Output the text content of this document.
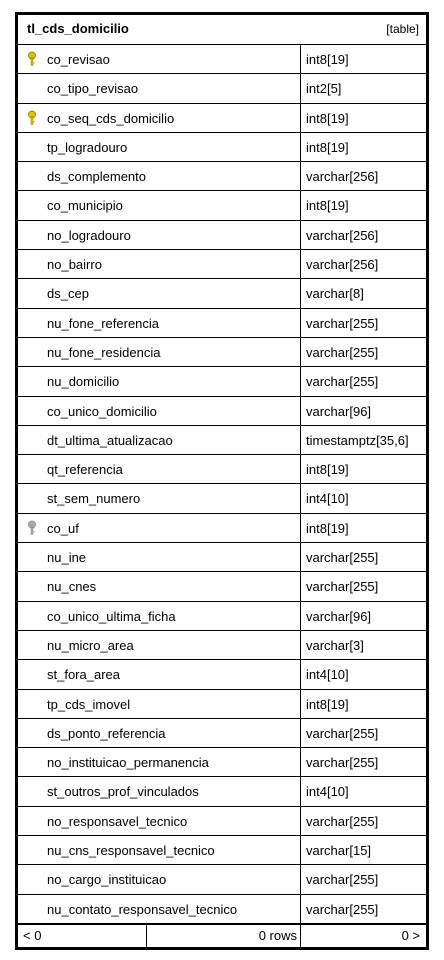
tl_cds_domicilio	[table]
co_revisao	int8[19]
co_tipo_revisao	int2[5]
co_seq_cds_domicilio	int8[19]
tp_logradouro	int8[19]
ds_complemento	varchar[256]
co_municipio	int8[19]
no_logradouro	varchar[256]
no_bairro	varchar[256]
ds_cep	varchar[8]
nu_fone_referencia	varchar[255]
nu_fone_residencia	varchar[255]
nu_domicilio	varchar[255]
co_unico_domicilio	varchar[96]
dt_ultima_atualizacao	timestamptz[35,6]
qt_referencia	int8[19]
st_sem_numero	int4[10]
co_uf	int8[19]
nu_ine	varchar[255]
nu_cnes	varchar[255]
co_unico_ultima_ficha	varchar[96]
nu_micro_area	varchar[3]
st_fora_area	int4[10]
tp_cds_imovel	int8[19]
ds_ponto_referencia	varchar[255]
no_instituicao_permanencia	varchar[255]
st_outros_prof_vinculados	int4[10]
no_responsavel_tecnico	varchar[255]
nu_cns_responsavel_tecnico	varchar[15]
no_cargo_instituicao	varchar[255]
nu_contato_responsavel_tecnico	varchar[255]
< 0	0 rows	0 >
